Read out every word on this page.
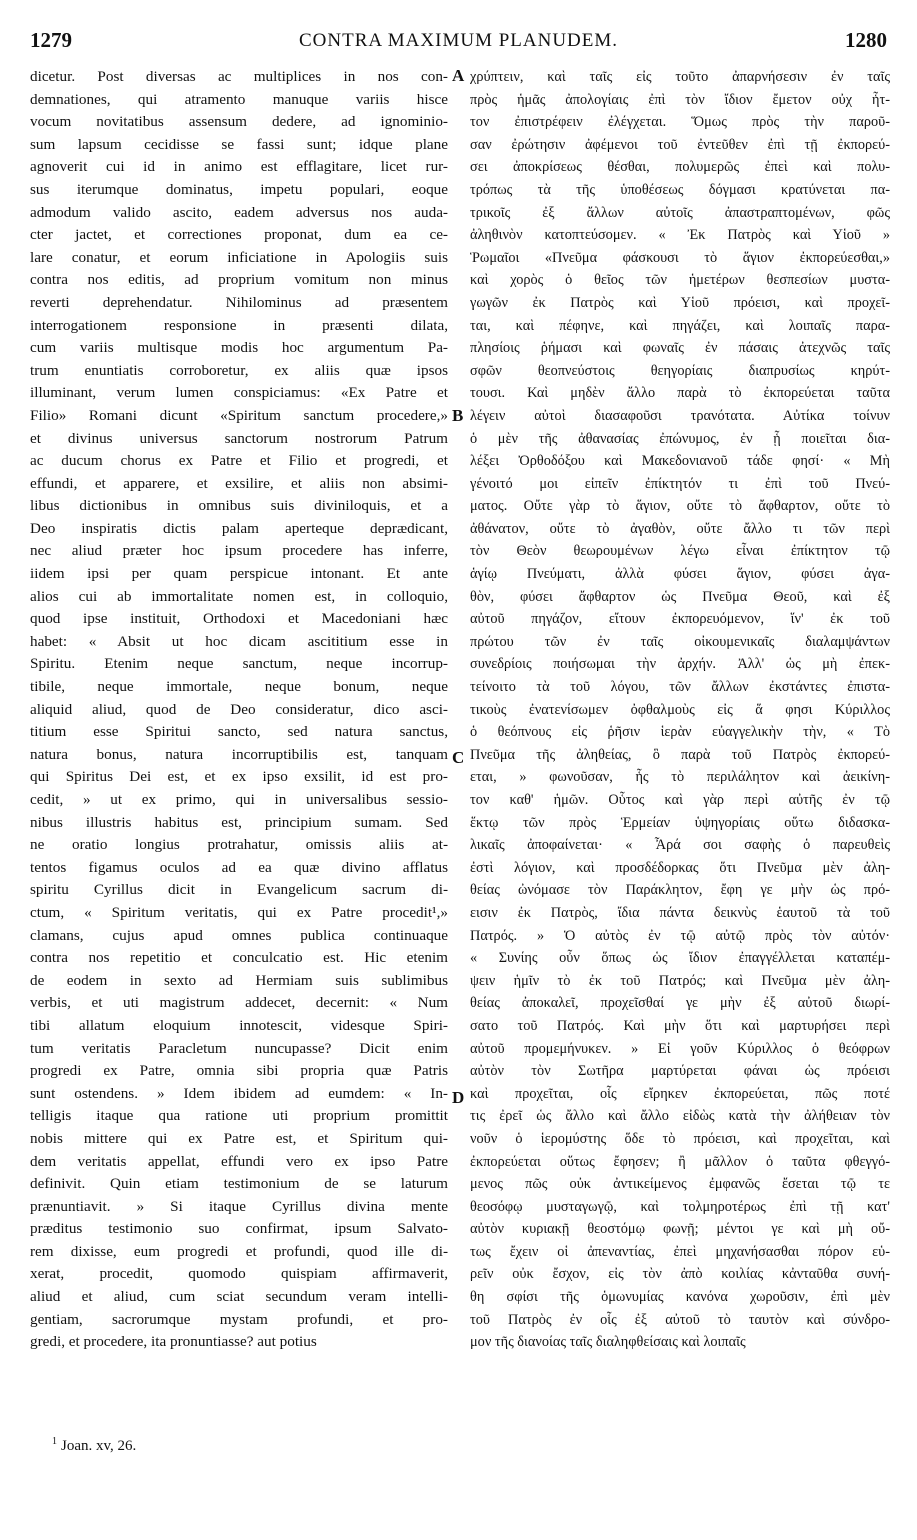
1279	CONTRA MAXIMUM PLANUDEM.	1280
dicetur. Post diversas ac multiplices in nos con-
demnationes, qui atramento manuque variis hisce
vocum novitatibus assensum dedere, ad ignominio-
sum lapsum cecidisse se fassi sunt; idque plane
agnoverit cui id in animo est efflagitare, licet rur-
sus iterumque dominatus, impetu populari, eoque
admodum valido ascito, eadem adversus nos auda-
cter jactet, et correctiones proponat, dum ea ce-
lare conatur, et eorum inficiatione in Apologiis suis
contra nos editis, ad proprium vomitum non minus
reverti deprehendatur. Nihilominus ad præsentem
interrogationem responsione in præsenti dilata,
cum variis multisque modis hoc argumentum Pa-
trum enuntiatis corroboretur, ex aliis quæ ipsos
illuminant, verum lumen conspiciamus: «Ex Patre et
Filio» Romani dicunt «Spiritum sanctum procedere,»
et divinus universus sanctorum nostrorum Patrum
ac ducum chorus ex Patre et Filio et progredi, et
effundi, et apparere, et exsilire, et aliis non absimi-
libus dictionibus in omnibus suis diviniloquis, et a
Deo inspiratis dictis palam aperteque deprædicant,
nec aliud præter hoc ipsum procedere has inferre,
iidem ipsi per quam perspicue intonant. Et ante
alios cui ab immortalitate nomen est, in colloquio,
quod ipse instituit, Orthodoxi et Macedoniani hæc
habet: « Absit ut hoc dicam ascititium esse in
Spiritu. Etenim neque sanctum, neque incorrup-
tibile, neque immortale, neque bonum, neque
aliquid aliud, quod de Deo consideratur, dico asci-
titium esse Spiritui sancto, sed natura sanctus,
natura bonus, natura incorruptibilis est, tanquam
qui Spiritus Dei est, et ex ipso exsilit, id est pro-
cedit, » ut ex primo, qui in universalibus sessio-
nibus illustris habitus est, principium sumam. Sed
ne oratio longius protrahatur, omissis aliis at-
tentos figamus oculos ad ea quæ divino afflatus
spiritu Cyrillus dicit in Evangelicum sacrum di-
ctum, « Spiritum veritatis, qui ex Patre procedit¹,»
clamans, cujus apud omnes publica continuaque
contra nos repetitio et conculcatio est. Hic etenim
de eodem in sexto ad Hermiam suis sublimibus
verbis, et uti magistrum addecet, decernit: « Num
tibi allatum eloquium innotescit, videsque Spiri-
tum veritatis Paracletum nuncupasse? Dicit enim
progredi ex Patre, omnia sibi propria quæ Patris
sunt ostendens. » Idem ibidem ad eumdem: « In-
telligis itaque qua ratione uti proprium promittit
nobis mittere qui ex Patre est, et Spiritum qui-
dem veritatis appellat, effundi vero ex ipso Patre
definivit. Quin etiam testimonium de se laturum
prænuntiavit. » Si itaque Cyrillus divina mente
præditus testimonio suo confirmat, ipsum Salvato-
rem dixisse, eum progredi et profundi, quod ille di-
xerat, procedit, quomodo quispiam affirmaverit,
aliud et aliud, cum sciat secundum veram intelli-
gentiam, sacrorumque mystam profundi, et pro-
gredi, et procedere, ita pronuntiasse? aut potius
χρύπτειν, καὶ ταῖς εἰς τοῦτο ἀπαρνήσεσιν ἐν ταῖς
πρὸς ἡμᾶς ἀπολογίαις ἐπὶ τὸν ἴδιον ἔμετον οὐχ ἧτ-
τον ἐπιστρέφειν ἐλέγχεται. Ὅμως πρὸς τὴν παροῦ-
σαν ἐρώτησιν ἀφέμενοι τοῦ ἐντεῦθεν ἐπὶ τῇ ἐκπορεύ-
σει ἀποκρίσεως θέσθαι, πολυμερῶς ἐπεὶ καὶ πολυ-
τρόπως τὰ τῆς ὑποθέσεως δόγμασι κρατύνεται πα-
τρικοῖς ἐξ ἄλλων αὐτοῖς ἀπαστραπτομένων, φῶς
ἀληθινὸν κατοπτεύσομεν. « Ἐκ Πατρὸς καὶ Υἱοῦ »
Ῥωμαῖοι «Πνεῦμα φάσκουσι τὸ ἅγιον ἐκπορεύεσθαι,»
καὶ χορὸς ὁ θεῖος τῶν ἡμετέρων θεσπεσίων μυστα-
γωγῶν ἐκ Πατρὸς καὶ Υἱοῦ πρόεισι, καὶ προχεῖ-
ται, καὶ πέφηνε, καὶ πηγάζει, καὶ λοιπαῖς παρα-
πλησίοις ῥήμασι καὶ φωναῖς ἐν πάσαις ἀτεχνῶς ταῖς
σφῶν θεοπνεύστοις θεηγορίαις διαπρυσίως κηρύτ-
τουσι. Καὶ μηδὲν ἄλλο παρὰ τὸ ἐκπορεύεται ταῦτα
λέγειν αὐτοὶ διασαφοῦσι τρανότατα. Αὐτίκα τοίνυν
ὁ μὲν τῆς ἀθανασίας ἐπώνυμος, ἐν ᾗ ποιεῖται δια-
λέξει Ὀρθοδόξου καὶ Μακεδονιανοῦ τάδε φησί· « Μὴ
γένοιτό μοι εἰπεῖν ἐπίκτητόν τι ἐπὶ τοῦ Πνεύ-
ματος. Οὔτε γὰρ τὸ ἅγιον, οὔτε τὸ ἄφθαρτον, οὔτε τὸ
ἀθάνατον, οὔτε τὸ ἀγαθὸν, οὔτε ἄλλο τι τῶν περὶ
τὸν Θεὸν θεωρουμένων λέγω εἶναι ἐπίκτητον τῷ
ἁγίῳ Πνεύματι, ἀλλὰ φύσει ἅγιον, φύσει ἀγα-
θὸν, φύσει ἄφθαρτον ὡς Πνεῦμα Θεοῦ, καὶ ἐξ
αὐτοῦ πηγάζον, εἴτουν ἐκπορευόμενον, ἵν' ἐκ τοῦ
πρώτου τῶν ἐν ταῖς οἰκουμενικαῖς διαλαμψάντων
συνεδρίοις ποιήσωμαι τὴν ἀρχήν. Ἀλλ' ὡς μὴ ἐπεκ-
τείνοιτο τὰ τοῦ λόγου, τῶν ἄλλων ἐκστάντες ἐπιστα-
τικοὺς ἐνατενίσωμεν ὀφθαλμοὺς εἰς ἅ φησι Κύριλλος
ὁ θεόπνους εἰς ῥῆσιν ἱερὰν εὐαγγελικὴν τὴν, « Τὸ
Πνεῦμα τῆς ἀληθείας, ὃ παρὰ τοῦ Πατρὸς ἐκπορεύ-
εται, » φωνοῦσαν, ἧς τὸ περιλάλητον καὶ ἀεικίνη-
τον καθ' ἡμῶν. Οὗτος καὶ γὰρ περὶ αὐτῆς ἐν τῷ
ἕκτῳ τῶν πρὸς Ἑρμείαν ὑψηγορίαις οὕτω διδασκα-
λικαῖς ἀποφαίνεται· « Ἆρά σοι σαφὴς ὁ παρευθεὶς
ἐστὶ λόγιον, καὶ προσδέδορκας ὅτι Πνεῦμα μὲν ἀλη-
θείας ὠνόμασε τὸν Παράκλητον, ἔφη γε μὴν ὡς πρό-
εισιν ἐκ Πατρὸς, ἴδια πάντα δεικνὺς ἑαυτοῦ τὰ τοῦ
Πατρός. » Ὁ αὐτὸς ἐν τῷ αὐτῷ πρὸς τὸν αὐτόν·
« Συνίης οὖν ὅπως ὡς ἴδιον ἐπαγγέλλεται καταπέμ-
ψειν ἡμῖν τὸ ἐκ τοῦ Πατρός; καὶ Πνεῦμα μὲν ἀλη-
θείας ἀποκαλεῖ, προχεῖσθαί γε μὴν ἐξ αὐτοῦ διωρί-
σατο τοῦ Πατρός. Καὶ μὴν ὅτι καὶ μαρτυρήσει περὶ
αὐτοῦ προμεμήνυκεν. » Εἰ γοῦν Κύριλλος ὁ θεόφρων
αὐτὸν τὸν Σωτῆρα μαρτύρεται φάναι ὡς πρόεισι
καὶ προχεῖται, οἷς εἴρηκεν ἐκπορεύεται, πῶς ποτέ
τις ἐρεῖ ὡς ἄλλο καὶ ἄλλο εἰδὼς κατὰ τὴν ἀλήθειαν τὸν
νοῦν ὁ ἱερομύστης ὅδε τὸ πρόεισι, καὶ προχεῖται, καὶ
ἐκπορεύεται οὕτως ἔφησεν; ἢ μᾶλλον ὁ ταῦτα φθεγγό-
μενος πῶς οὐκ ἀντικείμενος ἐμφανῶς ἔσεται τῷ τε
θεοσόφῳ μυσταγωγῷ, καὶ τολμηροτέρως ἐπὶ τῇ κατ'
αὐτὸν κυριακῇ θεοστόμῳ φωνῇ; μέντοι γε καὶ μὴ οὔ-
τως ἔχειν οἱ ἀπεναντίας, ἐπεὶ μηχανήσασθαι πόρον εὑ-
ρεῖν οὐκ ἔσχον, εἰς τὸν ἀπὸ κοιλίας κἀνταῦθα συνή-
θη σφίσι τῆς ὁμωνυμίας κανόνα χωροῦσιν, ἐπὶ μὲν
τοῦ Πατρὸς ἐν οἷς ἐξ αὐτοῦ τὸ ταυτὸν καὶ σύνδρο-
μον τῆς διανοίας ταῖς διαληφθείσαις καὶ λοιπαῖς
A
B
C
D
$^1$ Joan. xv, 26.
